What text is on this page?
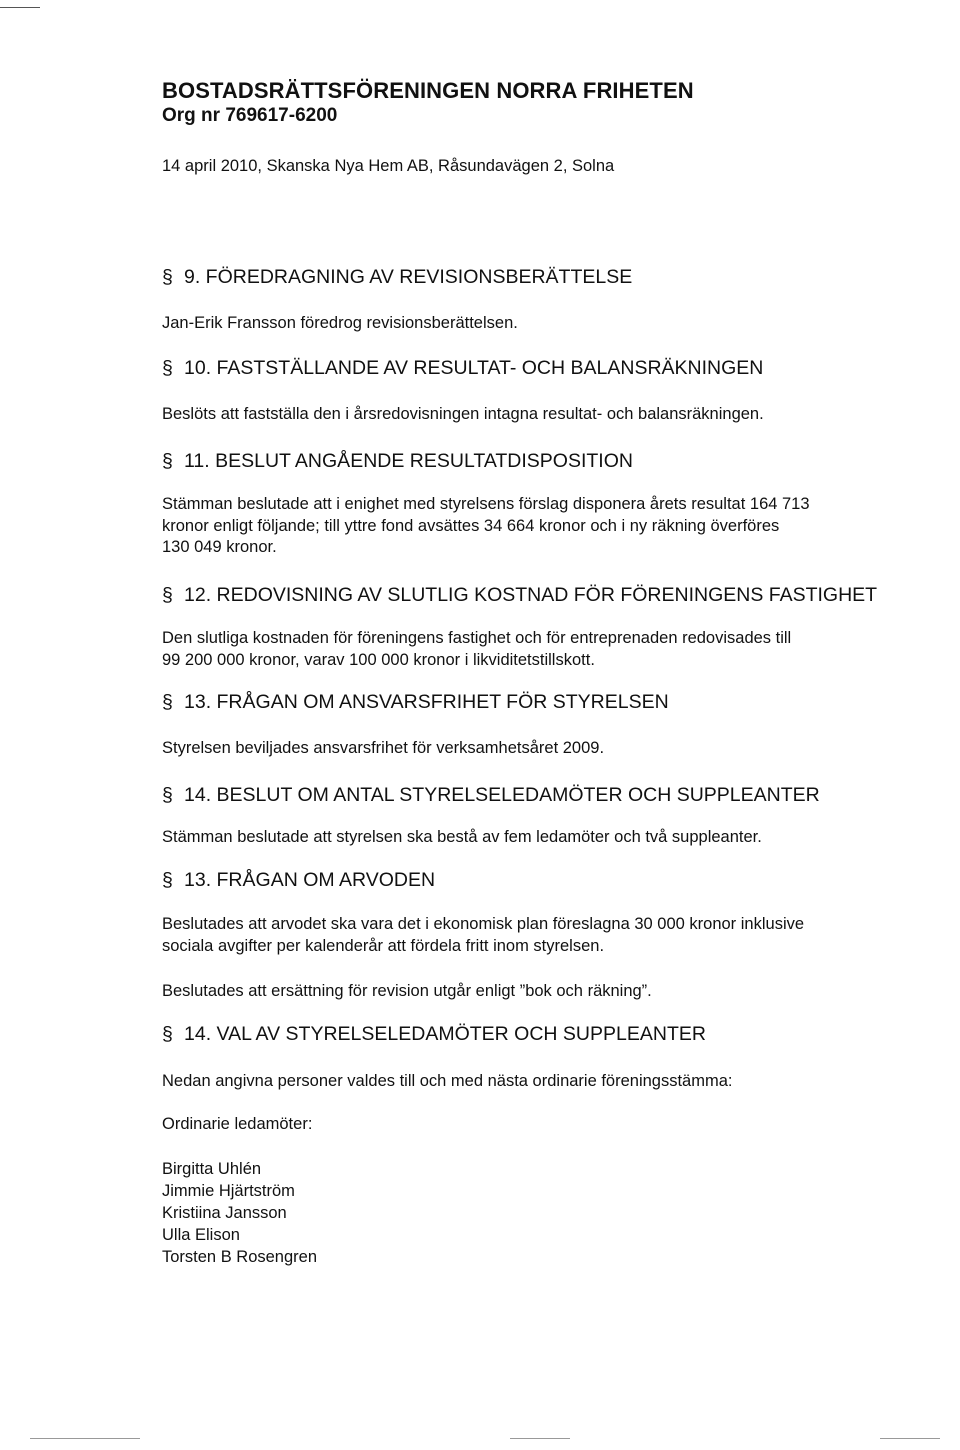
BOSTADSRÄTTSFÖRENINGEN NORRA FRIHETEN
Org nr 769617-6200
14 april 2010, Skanska Nya Hem AB, Råsundavägen 2, Solna
§ 9. FÖREDRAGNING AV REVISIONSBERÄTTELSE
Jan-Erik Fransson föredrog revisionsberättelsen.
§ 10. FASTSTÄLLANDE AV RESULTAT- OCH BALANSRÄKNINGEN
Beslöts att fastställa den i årsredovisningen intagna resultat- och balansräkningen.
§ 11. BESLUT ANGÅENDE RESULTATDISPOSITION
Stämman beslutade att i enighet med styrelsens förslag disponera årets resultat 164 713
kronor enligt följande; till yttre fond avsättes 34 664 kronor och i ny räkning överföres
130 049 kronor.
§ 12. REDOVISNING AV SLUTLIG KOSTNAD FÖR FÖRENINGENS FASTIGHET
Den slutliga kostnaden för föreningens fastighet och för entreprenaden redovisades till
99 200 000 kronor, varav 100 000 kronor i likviditetstillskott.
§ 13. FRÅGAN OM ANSVARSFRIHET FÖR STYRELSEN
Styrelsen beviljades ansvarsfrihet för verksamhetsåret 2009.
§ 14. BESLUT OM ANTAL STYRELSELEDAMÖTER OCH SUPPLEANTER
Stämman beslutade att styrelsen ska bestå av fem ledamöter och två suppleanter.
§ 13. FRÅGAN OM ARVODEN
Beslutades att arvodet ska vara det i ekonomisk plan föreslagna 30 000 kronor inklusive
sociala avgifter per kalenderår att fördela fritt inom styrelsen.
Beslutades att ersättning för revision utgår enligt ”bok och räkning”.
§ 14. VAL AV STYRELSELEDAMÖTER OCH SUPPLEANTER
Nedan angivna personer valdes till och med nästa ordinarie föreningsstämma:
Ordinarie ledamöter:
Birgitta Uhlén
Jimmie Hjärtström
Kristiina Jansson
Ulla Elison
Torsten B Rosengren
